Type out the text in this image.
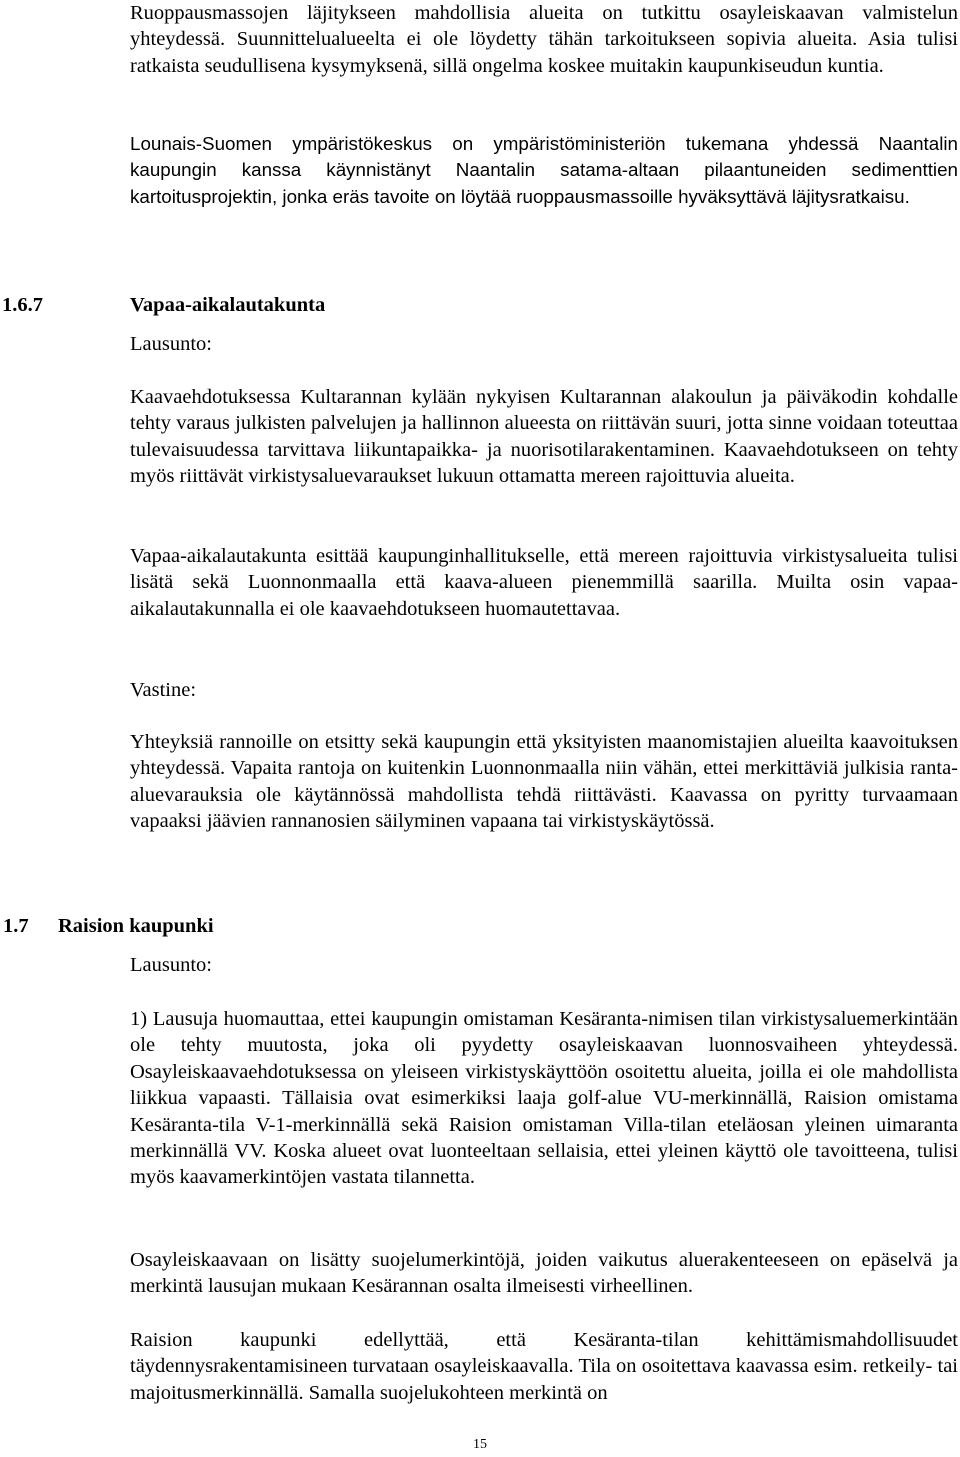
Ruoppausmassojen läjitykseen mahdollisia alueita on tutkittu osayleiskaavan valmistelun yhteydessä. Suunnittelualueelta ei ole löydetty tähän tarkoitukseen sopivia alueita. Asia tulisi ratkaista seudullisena kysymyksenä, sillä ongelma koskee muitakin kaupunkiseudun kuntia.

Lounais-Suomen ympäristökeskus on ympäristöministeriön tukemana yhdessä Naantalin kaupungin kanssa käynnistänyt Naantalin satama-altaan pilaantuneiden sedimenttien kartoitusprojektin, jonka eräs tavoite on löytää ruoppausmassoille hyväksyttävä läjitysratkaisu.

1.6.7	Vapaa-aikalautakunta

Lausunto:

Kaavaehdotuksessa Kultarannan kylään nykyisen Kultarannan alakoulun ja päiväkodin kohdalle tehty varaus julkisten palvelujen ja hallinnon alueesta on riittävän suuri, jotta sinne voidaan toteuttaa tulevaisuudessa tarvittava liikuntapaikka- ja nuorisotilarakentaminen. Kaavaehdotukseen on tehty myös riittävät virkistysaluevaraukset lukuun ottamatta mereen rajoittuvia alueita.

Vapaa-aikalautakunta esittää kaupunginhallitukselle, että mereen rajoittuvia virkistysalueita tulisi lisätä sekä Luonnonmaalla että kaava-alueen pienemmillä saarilla. Muilta osin vapaa-aikalautakunnalla ei ole kaavaehdotukseen huomautettavaa.

Vastine:

Yhteyksiä rannoille on etsitty sekä kaupungin että yksityisten maanomistajien alueilta kaavoituksen yhteydessä. Vapaita rantoja on kuitenkin Luonnonmaalla niin vähän, ettei merkittäviä julkisia ranta-aluevarauksia ole käytännössä mahdollista tehdä riittävästi. Kaavassa on pyritty turvaamaan vapaaksi jäävien rannanosien säilyminen vapaana tai virkistyskäytössä.

1.7 Raision kaupunki

Lausunto:

1) Lausuja huomauttaa, ettei kaupungin omistaman Kesäranta-nimisen tilan virkistysaluemerkintään ole tehty muutosta, joka oli pyydetty osayleiskaavan luonnosvaiheen yhteydessä. Osayleiskaavaehdotuksessa on yleiseen virkistyskäyttöön osoitettu alueita, joilla ei ole mahdollista liikkua vapaasti. Tällaisia ovat esimerkiksi laaja golf-alue VU-merkinnällä, Raision omistama Kesäranta-tila V-1-merkinnällä sekä Raision omistaman Villa-tilan eteläosan yleinen uimaranta merkinnällä VV. Koska alueet ovat luonteeltaan sellaisia, ettei yleinen käyttö ole tavoitteena, tulisi myös kaavamerkintöjen vastata tilannetta.

Osayleiskaavaan on lisätty suojelumerkintöjä, joiden vaikutus aluerakenteeseen on epäselvä ja merkintä lausujan mukaan Kesärannan osalta ilmeisesti virheellinen.

Raision kaupunki edellyttää, että Kesäranta-tilan kehittämismahdollisuudet täydennysrakentamisineen turvataan osayleiskaavalla. Tila on osoitettava kaavassa esim. retkeily- tai majoitusmerkinnällä. Samalla suojelukohteen merkintä on

15
